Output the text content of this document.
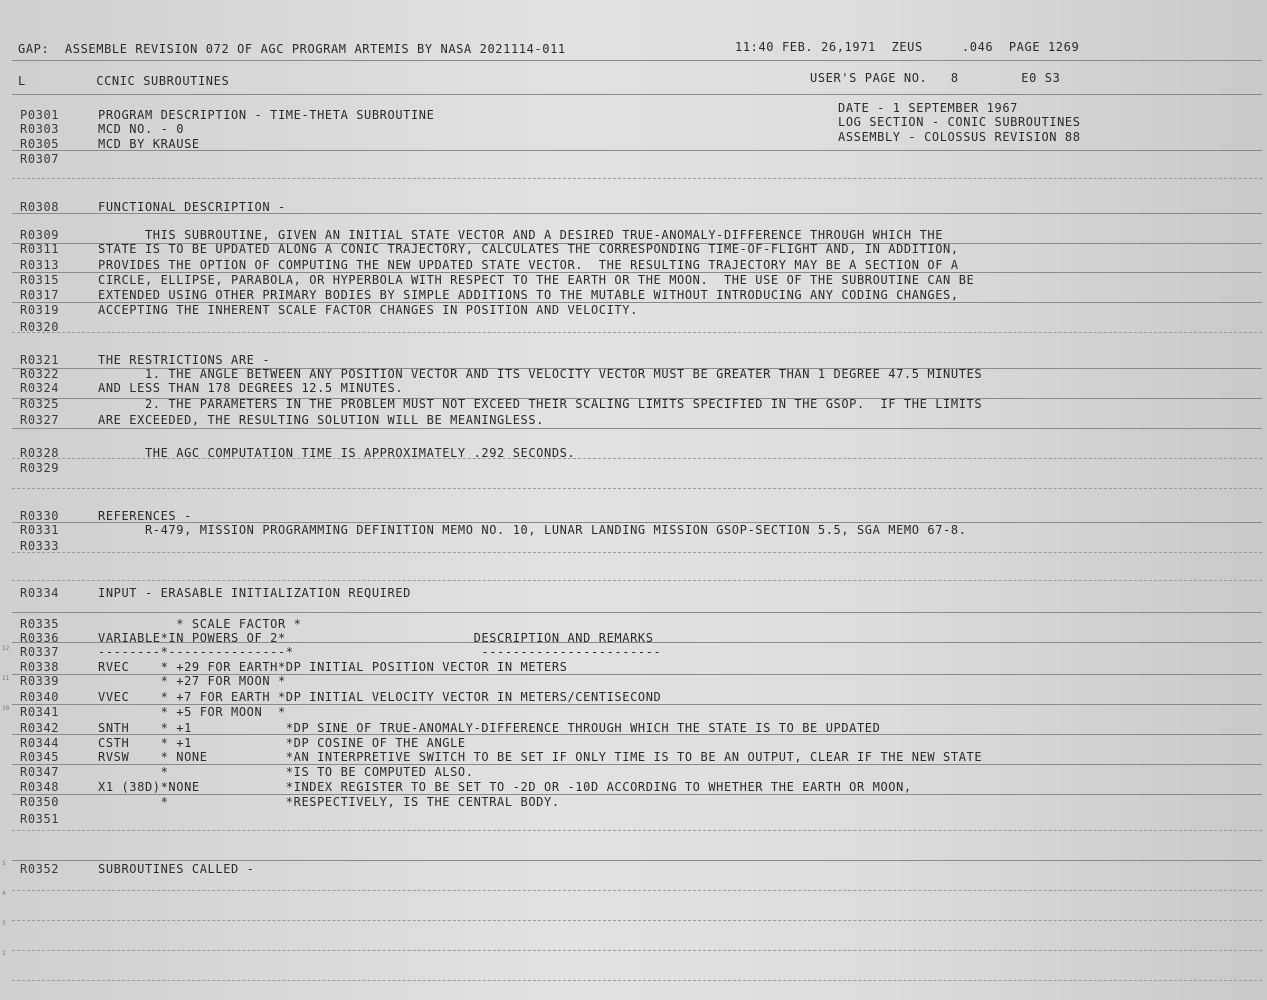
GAP:  ASSEMBLE REVISION 072 OF AGC PROGRAM ARTEMIS BY NASA 2021114-011	11:40 FEB. 26,1971  ZEUS     .046  PAGE 1269
L         CCNIC SUBROUTINES	USER'S PAGE NO.   8        E0 S3
DATE - 1 SEPTEMBER 1967
LOG SECTION - CONIC SUBROUTINES
ASSEMBLY - COLOSSUS REVISION 88
P0301	PROGRAM DESCRIPTION - TIME-THETA SUBROUTINE
R0303	MCD NO. - 0
R0305	MCD BY KRAUSE
R0307
R0308	FUNCTIONAL DESCRIPTION -
R0309	THIS SUBROUTINE, GIVEN AN INITIAL STATE VECTOR AND A DESIRED TRUE-ANOMALY-DIFFERENCE THROUGH WHICH THE
R0311	STATE IS TO BE UPDATED ALONG A CONIC TRAJECTORY, CALCULATES THE CORRESPONDING TIME-OF-FLIGHT AND, IN ADDITION,
R0313	PROVIDES THE OPTION OF COMPUTING THE NEW UPDATED STATE VECTOR.  THE RESULTING TRAJECTORY MAY BE A SECTION OF A
R0315	CIRCLE, ELLIPSE, PARABOLA, OR HYPERBOLA WITH RESPECT TO THE EARTH OR THE MOON.  THE USE OF THE SUBROUTINE CAN BE
R0317	EXTENDED USING OTHER PRIMARY BODIES BY SIMPLE ADDITIONS TO THE MUTABLE WITHOUT INTRODUCING ANY CODING CHANGES,
R0319	ACCEPTING THE INHERENT SCALE FACTOR CHANGES IN POSITION AND VELOCITY.
R0320
R0321	THE RESTRICTIONS ARE -
R0322	1. THE ANGLE BETWEEN ANY POSITION VECTOR AND ITS VELOCITY VECTOR MUST BE GREATER THAN 1 DEGREE 47.5 MINUTES
R0324	AND LESS THAN 178 DEGREES 12.5 MINUTES.
R0325	2. THE PARAMETERS IN THE PROBLEM MUST NOT EXCEED THEIR SCALING LIMITS SPECIFIED IN THE GSOP.  IF THE LIMITS
R0327	ARE EXCEEDED, THE RESULTING SOLUTION WILL BE MEANINGLESS.
R0328	THE AGC COMPUTATION TIME IS APPROXIMATELY .292 SECONDS.
R0329
R0330	REFERENCES -
R0331	R-479, MISSION PROGRAMMING DEFINITION MEMO NO. 10, LUNAR LANDING MISSION GSOP-SECTION 5.5, SGA MEMO 67-8.
R0333
R0334	INPUT - ERASABLE INITIALIZATION REQUIRED
R0335	* SCALE FACTOR *
R0336	VARIABLE*IN POWERS OF 2*                        DESCRIPTION AND REMARKS
R0337	--------*---------------*                        -----------------------
R0338	RVEC    * +29 FOR EARTH*DP INITIAL POSITION VECTOR IN METERS
R0339	* +27 FOR MOON *
R0340	VVEC    * +7 FOR EARTH *DP INITIAL VELOCITY VECTOR IN METERS/CENTISECOND
R0341	* +5 FOR MOON  *
R0342	SNTH    * +1            *DP SINE OF TRUE-ANOMALY-DIFFERENCE THROUGH WHICH THE STATE IS TO BE UPDATED
R0344	CSTH    * +1            *DP COSINE OF THE ANGLE
R0345	RVSW    * NONE          *AN INTERPRETIVE SWITCH TO BE SET IF ONLY TIME IS TO BE AN OUTPUT, CLEAR IF THE NEW STATE
R0347	*               *IS TO BE COMPUTED ALSO.
R0348	X1 (38D)*NONE           *INDEX REGISTER TO BE SET TO -2D OR -10D ACCORDING TO WHETHER THE EARTH OR MOON,
R0350	*               *RESPECTIVELY, IS THE CENTRAL BODY.
R0351
R0352	SUBROUTINES CALLED -
12
11
10
5
4
3
2
